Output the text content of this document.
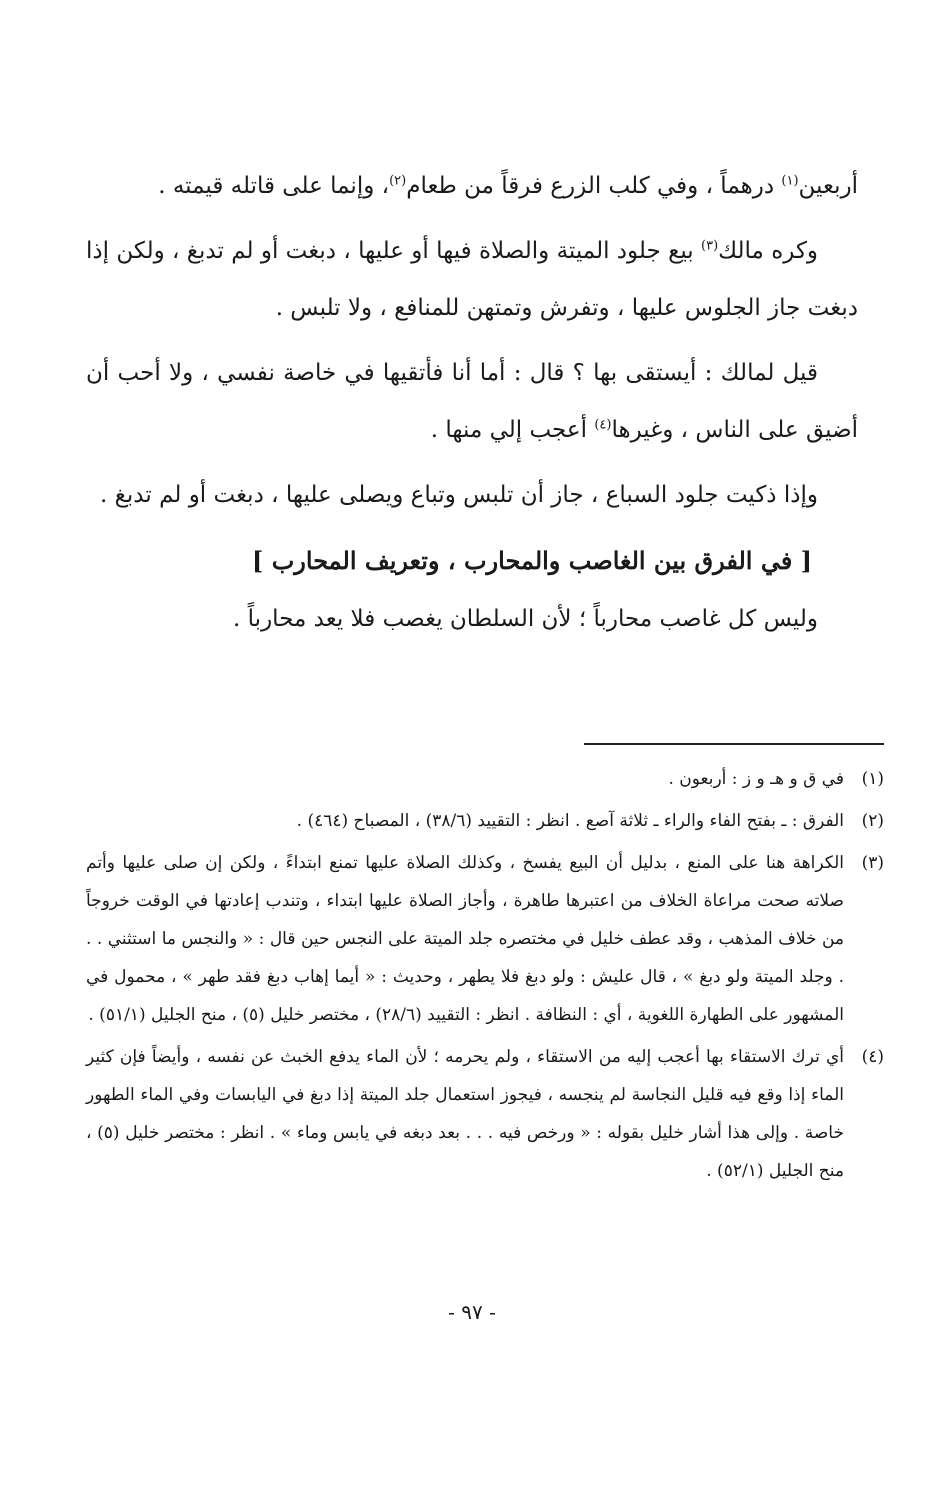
أربعين$^{(١)}$ درهماً ، وفي كلب الزرع فرقاً من طعام$^{(٢)}$، وإنما على قاتله قيمته .

وكره مالك$^{(٣)}$ بيع جلود الميتة والصلاة فيها أو عليها ، دبغت أو لم تدبغ ، ولكن إذا دبغت جاز الجلوس عليها ، وتفرش وتمتهن للمنافع ، ولا تلبس .

قيل لمالك : أيستقى بها ؟ قال : أما أنا فأتقيها في خاصة نفسي ، ولا أحب أن أضيق على الناس ، وغيرها$^{(٤)}$ أعجب إلي منها .

وإذا ذكيت جلود السباع ، جاز أن تلبس وتباع ويصلى عليها ، دبغت أو لم تدبغ .

[ في الفرق بين الغاصب والمحارب ، وتعريف المحارب ]

وليس كل غاصب محارباً ؛ لأن السلطان يغصب فلا يعد محارباً .

(١)
في ق و هـ و ز : أربعون .
(٢)
الفرق : ـ بفتح الفاء والراء ـ ثلاثة آصع . انظر : التقييد (٣٨/٦) ، المصباح (٤٦٤) .
(٣)
الكراهة هنا على المنع ، بدليل أن البيع يفسخ ، وكذلك الصلاة عليها تمنع ابتداءً ، ولكن إن صلى عليها وأتم صلاته صحت مراعاة الخلاف من اعتبرها طاهرة ، وأجاز الصلاة عليها ابتداء ، وتندب إعادتها في الوقت خروجاً من خلاف المذهب ، وقد عطف خليل في مختصره جلد الميتة على النجس حين قال : « والنجس ما استثني . . . وجلد الميتة ولو دبغ » ، قال عليش : ولو دبغ فلا يطهر ، وحديث : « أيما إهاب دبغ فقد طهر » ، محمول في المشهور على الطهارة اللغوية ، أي : النظافة . انظر : التقييد (٢٨/٦) ، مختصر خليل (٥) ، منح الجليل (٥١/١) .
(٤)
أي ترك الاستقاء بها أعجب إليه من الاستقاء ، ولم يحرمه ؛ لأن الماء يدفع الخبث عن نفسه ، وأيضاً فإن كثير الماء إذا وقع فيه قليل النجاسة لم ينجسه ، فيجوز استعمال جلد الميتة إذا دبغ في اليابسات وفي الماء الطهور خاصة . وإلى هذا أشار خليل بقوله : « ورخص فيه . . . بعد دبغه في يابس وماء » . انظر : مختصر خليل (٥) ، منح الجليل (٥٢/١) .
- ٩٧ -
